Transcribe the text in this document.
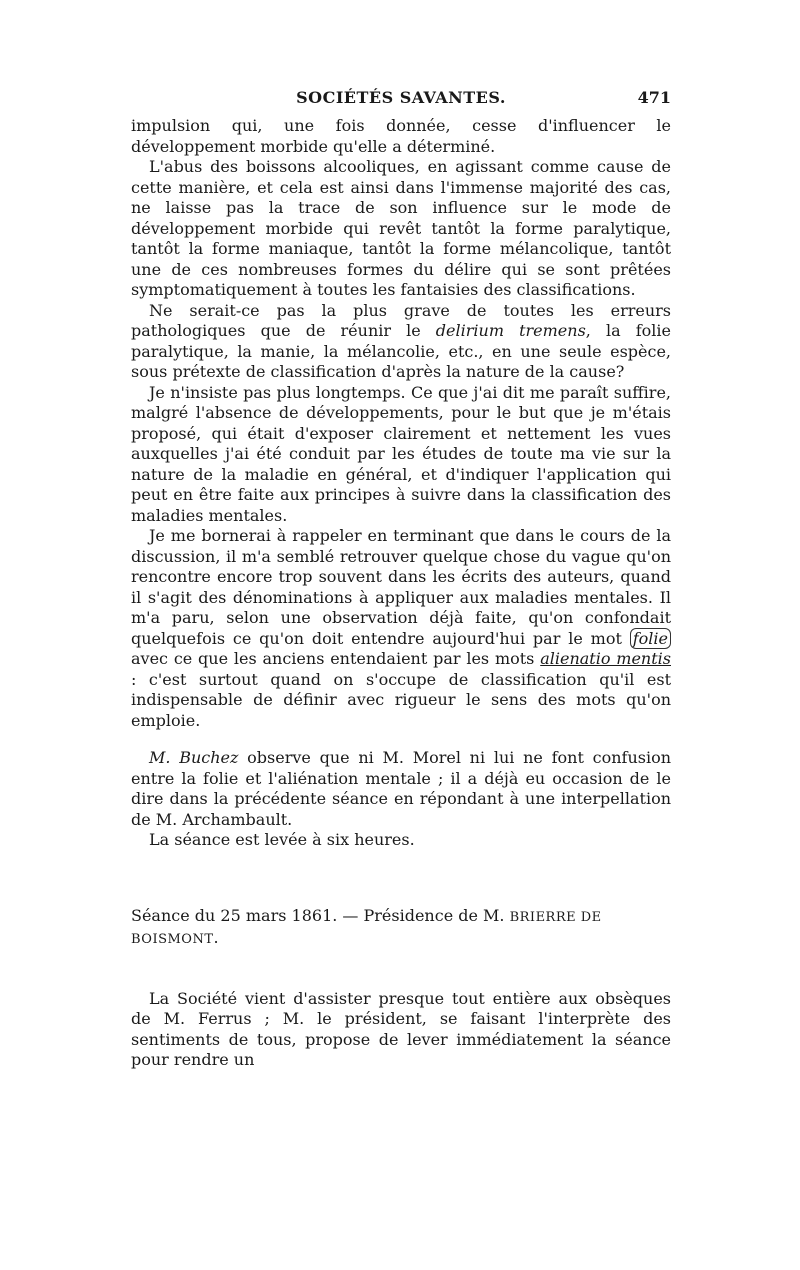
SOCIÉTÉS SAVANTES.	471

impulsion qui, une fois donnée, cesse d'influencer le développement morbide qu'elle a déterminé.

L'abus des boissons alcooliques, en agissant comme cause de cette manière, et cela est ainsi dans l'immense majorité des cas, ne laisse pas la trace de son influence sur le mode de développement morbide qui revêt tantôt la forme paralytique, tantôt la forme maniaque, tantôt la forme mélancolique, tantôt une de ces nombreuses formes du délire qui se sont prêtées symptomatiquement à toutes les fantaisies des classifications.

Ne serait-ce pas la plus grave de toutes les erreurs pathologiques que de réunir le delirium tremens, la folie paralytique, la manie, la mélancolie, etc., en une seule espèce, sous prétexte de classification d'après la nature de la cause?

Je n'insiste pas plus longtemps. Ce que j'ai dit me paraît suffire, malgré l'absence de développements, pour le but que je m'étais proposé, qui était d'exposer clairement et nettement les vues auxquelles j'ai été conduit par les études de toute ma vie sur la nature de la maladie en général, et d'indiquer l'application qui peut en être faite aux principes à suivre dans la classification des maladies mentales.

Je me bornerai à rappeler en terminant que dans le cours de la discussion, il m'a semblé retrouver quelque chose du vague qu'on rencontre encore trop souvent dans les écrits des auteurs, quand il s'agit des dénominations à appliquer aux maladies mentales. Il m'a paru, selon une observation déjà faite, qu'on confondait quelquefois ce qu'on doit entendre aujourd'hui par le mot folie avec ce que les anciens entendaient par les mots alienatio mentis : c'est surtout quand on s'occupe de classification qu'il est indispensable de définir avec rigueur le sens des mots qu'on emploie.

M. Buchez observe que ni M. Morel ni lui ne font confusion entre la folie et l'aliénation mentale ; il a déjà eu occasion de le dire dans la précédente séance en répondant à une interpellation de M. Archambault.

La séance est levée à six heures.

Séance du 25 mars 1861. — Présidence de M. BRIERRE DE BOISMONT.

La Société vient d'assister presque tout entière aux obsèques de M. Ferrus ; M. le président, se faisant l'interprète des sentiments de tous, propose de lever immédiatement la séance pour rendre un
